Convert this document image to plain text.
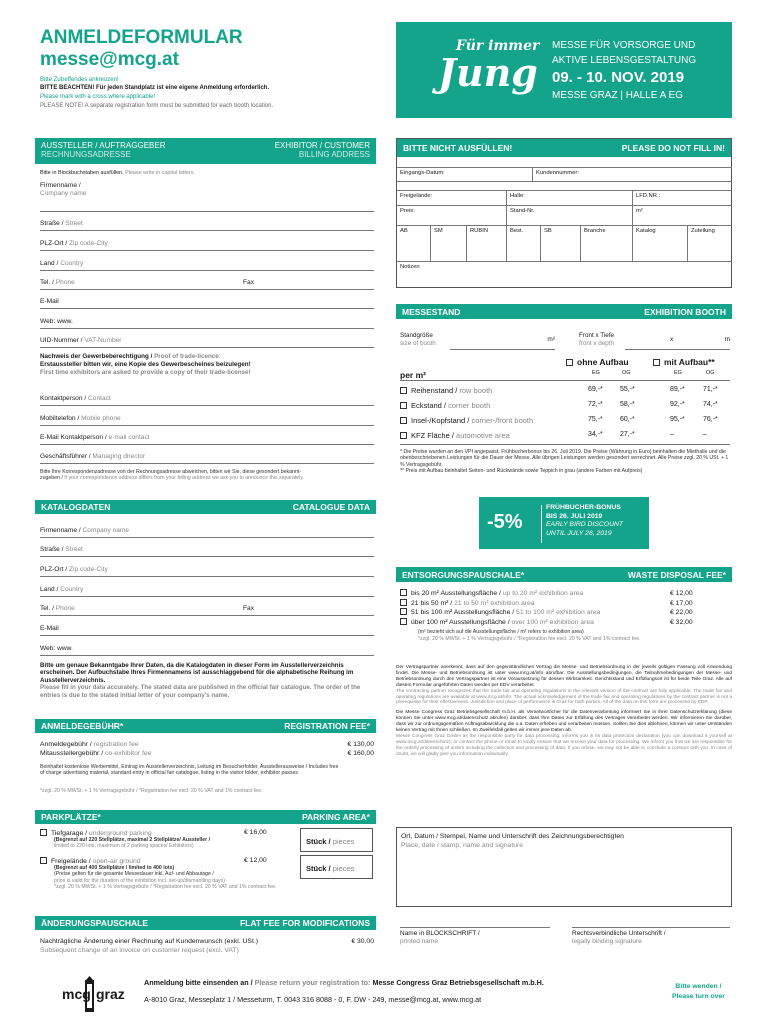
ANMELDEFORMULAR
messe@mcg.at
Bitte Zutreffendes ankreuzen!
BITTE BEACHTEN! Für jeden Standplatz ist eine eigene Anmeldung erforderlich.
Please mark with a cross where applicable!
PLEASE NOTE! A separate registration form must be submitted for each booth location.
Für immer
Jung
MESSE FÜR VORSORGE UND
AKTIVE LEBENSGESTALTUNG
09. - 10. NOV. 2019
MESSE GRAZ | HALLE A EG
AUSSTELLER / AUFTRAGGEBER
RECHNUNGSADRESSE
EXHIBITOR / CUSTOMER
BILLING ADDRESS
Bitte in Blockbuchstaben ausfüllen. Please write in capital letters.
Firmenname /
Company name
Straße / Street
PLZ-Ort / Zip code-City
Land / Country
Tel. / Phone	Fax
E-Mail
Web: www.
UID-Nummer / VAT-Number
Nachweis der Gewerbeberechtigung / Proof of trade-licence:
Erstaussteller bitten wir, eine Kopie des Gewerbescheines beizulegen!
First time exhibitors are asked to provide a copy of their trade-license!
Kontaktperson / Contact
Mobiltelefon / Mobile phone
E-Mail Kontaktperson / e-mail contact
Geschäftsführer / Managing director
Bitte Ihre Korrespondenzadresse von der Rechnungsadresse abweichen, bitten wir Sie, diese gesondert bekannt-
zugeben / If your correspondence address differs from your billing address we ask you to announce this separately.
KATALOGDATEN	CATALOGUE DATA
Firmenname / Company name
Straße / Street
PLZ-Ort / Zip code-City
Land / Country
Tel. / Phone	Fax
E-Mail
Web: www.
Bitte um genaue Bekanntgabe Ihrer Daten, da die Katalogdaten in dieser Form im Ausstellerverzeichnis erscheinen. Der Aufbuchstabe Ihres Firmennamens ist ausschlaggebend für die alphabetische Reihung im Ausstellerverzeichnis.
Please fill in your data accurately. The stated data are published in the official fair catalogue. The order of the entries is due to the stated initial letter of your company's name.
ANMELDEGEBÜHR*	REGISTRATION FEE*
Anmeldegebühr / registration fee	€ 130,00
Mitausstellergebühr / co-exhibitor fee	€ 160,00
Beinhaltet kostenlose Werbemittel, Eintrag im Ausstellerverzeichnis, Leitung im Besucherfolder, Ausstellerausweise / Includes free of charge advertising material, standard entry in official fair catalogue, listing in the visitor folder, exhibitor passes
*zzgl. 20 % MWSt. + 1 % Vertragsgebühr / *Registration fee excl. 20 % VAT and 1% contract fee.
PARKPLÄTZE*	PARKING AREA*
Tiefgarage / underground parking	€ 16,00
(Begrenzt auf 220 Stellplätze, maximal 2 Stellplätze/ Aussteller /
limited to 220 lots, maximum of 2 parking spaces/ Exhibitors)
Freigelände / open-air ground	€ 12,00
(Begrenzt auf 400 Stellplätze / limited to 400 lots)
(Preise gelten für die gesamte Messedauer inkl. Auf- und Abbautage /
price is valid for the duration of the exhibition incl. set-up/dismantling days)
*zzgl. 20 % MWSt. + 1 % Vertragsgebühr / *Registration fee excl. 20 % VAT and 1% contract fee.
Stück / pieces
Stück / pieces
ÄNDERUNGSPAUSCHALE	FLAT FEE FOR MODIFICATIONS
Nachträgliche Änderung einer Rechnung auf Kundenwunsch (exkl. USt.)
Subsequent change of an invoice on customer request (excl. VAT)
€ 30,00
BITTE NICHT AUSFÜLLEN!	PLEASE DO NOT FILL IN!
Eingangs-Datum:	Kundennummer:
Freigelände:	Halle:	LFD.NR.:
Preis:	Stand-Nr.	m²
AB	SM	RUBIN	Best.	SB	Branche	Katalog	Zuteilung
Notizen
MESSESTAND	EXHIBITION BOOTH
Standgröße
size of booth
m²
Front x Tiefe
front x depth
x	m
ohne Aufbau	mit Aufbau**
per m²	EG	OG	EG	OG
Reihenstand / row booth	69,-* 55,-*	89,-*	71,-*
Eckstand / corner booth	72,-* 58,-*	92,-*	74,-*
Insel-/Kopfstand / corner-/front booth	75,-* 60,-*	95,-*	76,-*
KFZ Fläche / automotive area	34,-* 27,-*	–	–
* Die Preise wurden an den VPI angepasst. Frühbucherbonus bis 26. Juli 2019. Die Preise (Währung in Euro) beinhalten die Miethalle und die obenbeschriebenen Leistungen für die Dauer der Messe. Alle übrigen Leistungen werden gesondert verrechnet. Alle Preise zzgl. 20 % USt. + 1 % Vertragsgebühr.
** Preis mit Aufbau beinhaltet Seiten- und Rückwände sowie Teppich in grau (andere Farben mit Aufpreis)
-5%
FRÜHBUCHER-BONUS
BIS 26. JULI 2019
EARLY BIRD DISCOUNT
UNTIL JULY 26, 2019
ENTSORGUNGSPAUSCHALE*	WASTE DISPOSAL FEE*
bis 20 m² Ausstellungsfläche / up to 20 m² exhibition area	€ 12,00
21 bis 50 m² / 21 to 50 m² exhibition area	€ 17,00
51 bis 100 m² Ausstellungsfläche / 51 to 100 m² exhibition area	€ 22,00
über 100 m² Ausstellungsfläche / over 100 m² exhibition area	€ 32,00
(m² bezieht sich auf die Ausstellungsfläche / m² refers to exhibition area)
*zzgl. 20 % MWSt. + 1 % Vertragsgebühr / *Registration fee excl. 20 % VAT and 1% contract fee.
Der Vertragspartner anerkennt, dass auf den gegenständlichen Vertrag die Messe- und Betriebsordnung in der jeweils gültigen Fassung voll Anwendung findet. Die Messe- und Betriebsordnung ist unter www.mcg.at/info abrufbar. Die Ausstellungsbedingungen, die Teilnahmebedingungen der Messe- und Betriebsordnung durch den Vertragspartner ist eine Voraussetzung für dessen Wirksamkeit. Gerichtsstand und Erfüllungsort ist für beide Teile Graz. Alle auf diesem Formular angeführten Daten werden per EDV verarbeitet.
The contracting partner recognizes that the trade fair and operating regulations in the relevant version of the contract are fully applicable. The trade fair and operating regulations are available at www.mcg.at/info. The actual acknowledgement of the trade fair and operating regulations by the contract partner is not a prerequisite for their effectiveness. Jurisdiction and place of performance is Graz for both parties. All of the data on this form are processed by EDP.
Die Messe Congress Graz Betriebsgesellschaft m.b.H. als Verantwortlicher für die Datenverarbeitung informiert Sie in ihrer Datenschutzerklärung (diese können Sie unter www.mcg.at/datenschutz abrufen) darüber, dass Ihre Daten zur Erfüllung des Vertrages verarbeitet werden. Wir informieren Sie darüber, dass wir zur ordnungsgemäßen Auftragsabwicklung die o.a. Daten erheben und verarbeiten müssen. Sollten Sie dies ablehnen, können wir unter Umständen keinen Vertrag mit Ihnen schließen. Im Zweifelsfall gelten wir immer jene Daten ab.
Messe Congress Graz GmbH as the responsible party for data processing, informs you in its data protection declaration (you can download it yourself at www.mcg.at/datenschutz), or contact the phone or email to kindly ensure that we receive your data for processing. We inform you that we are responsible for the orderly processing of orders including the collection and processing of data. If you refuse, we may not be able to conclude a contract with you. In case of doubt, we will gladly give you information individually.
Ort, Datum / Stempel, Name und Unterschrift des Zeichnungsberechtigten
Place, date / stamp, name and signature
Name in BLOCKSCHRIFT /
printed name
Rechtsverbindliche Unterschrift /
legally binding signature
mcg graz
Anmeldung bitte einsenden an / Please return your registration to: Messe Congress Graz Betriebsgesellschaft m.b.H.
A-8010 Graz, Messeplatz 1 / Messeturm, T. 0043 316 8088 - 0, F. DW - 249, messe@mcg.at, www.mcg.at
Bitte wenden /
Please turn over
